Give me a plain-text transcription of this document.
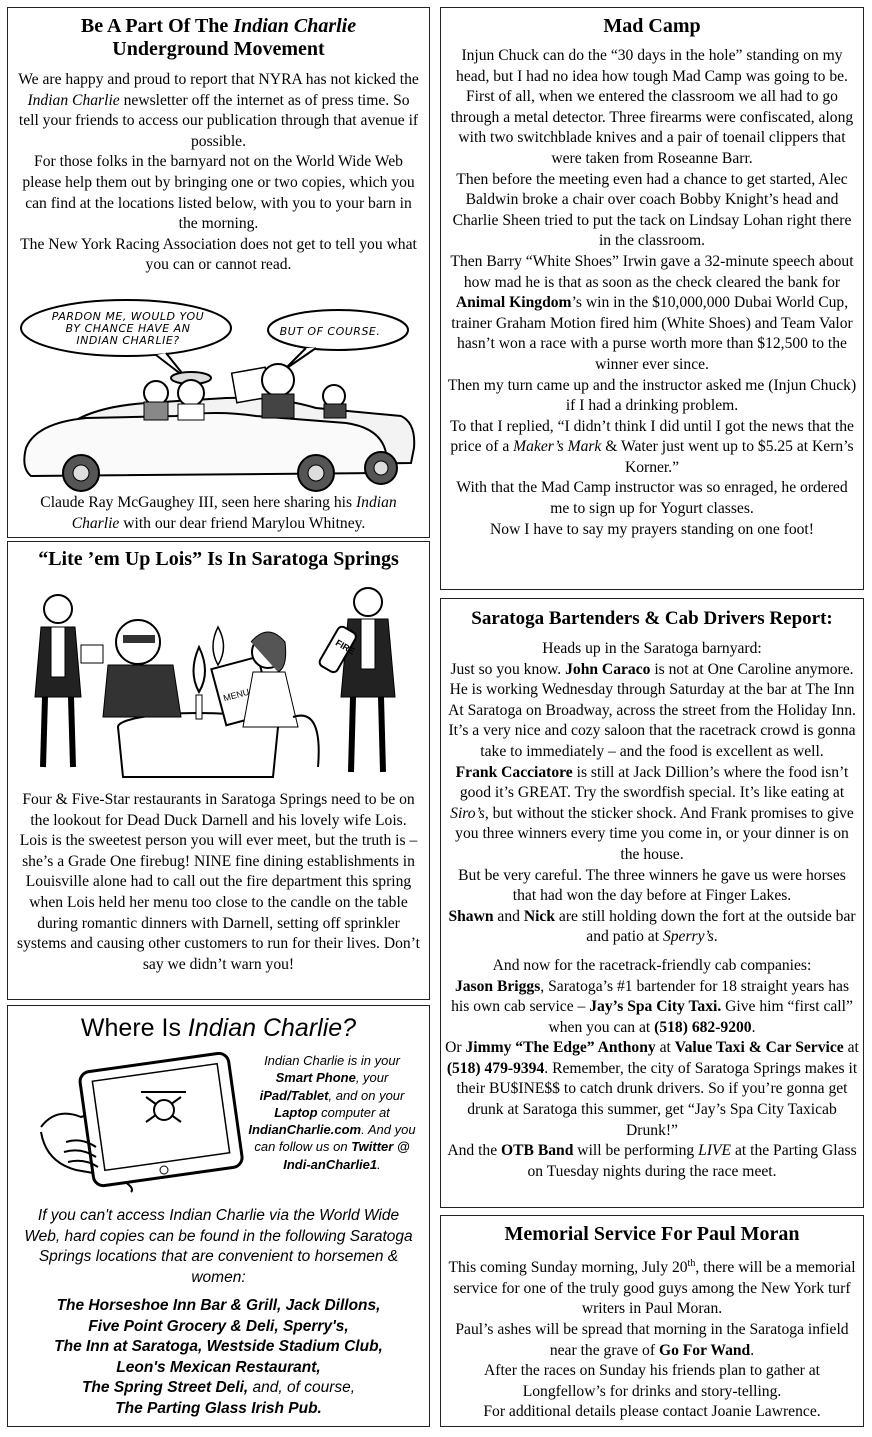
Be A Part Of The Indian Charlie
Underground Movement

We are happy and proud to report that NYRA has not kicked the Indian Charlie newsletter off the internet as of press time. So tell your friends to access our publication through that avenue if possible.

For those folks in the barnyard not on the World Wide Web please help them out by bringing one or two copies, which you can find at the locations listed below, with you to your barn in the morning.

The New York Racing Association does not get to tell you what you can or cannot read.

PARDON ME, WOULD YOU BY CHANCE HAVE AN INDIAN CHARLIE?
BUT OF COURSE.
Claude Ray McGaughey III, seen here sharing his Indian Charlie with our dear friend Marylou Whitney.
“Lite ’em Up Lois” Is In Saratoga Springs
MENU
FIRE
Four & Five-Star restaurants in Saratoga Springs need to be on the lookout for Dead Duck Darnell and his lovely wife Lois. Lois is the sweetest person you will ever meet, but the truth is – she’s a Grade One firebug! NINE fine dining establishments in Louisville alone had to call out the fire department this spring when Lois held her menu too close to the candle on the table during romantic dinners with Darnell, setting off sprinkler systems and causing other customers to run for their lives. Don’t say we didn’t warn you!
Where Is Indian Charlie?
Indian Charlie is in your Smart Phone, your iPad/Tablet, and on your Laptop computer at IndianCharlie.com. And you can follow us on Twitter @ Indi-anCharlie1.
If you can't access Indian Charlie via the World Wide Web, hard copies can be found in the following Saratoga Springs locations that are convenient to horsemen & women:
The Horseshoe Inn Bar & Grill, Jack Dillons,
Five Point Grocery & Deli, Sperry's,
The Inn at Saratoga, Westside Stadium Club,
Leon's Mexican Restaurant,
The Spring Street Deli, and, of course,
The Parting Glass Irish Pub.
Mad Camp

Injun Chuck can do the “30 days in the hole” standing on my head, but I had no idea how tough Mad Camp was going to be. First of all, when we entered the classroom we all had to go through a metal detector. Three firearms were confiscated, along with two switchblade knives and a pair of toenail clippers that were taken from Roseanne Barr.

Then before the meeting even had a chance to get started, Alec Baldwin broke a chair over coach Bobby Knight’s head and Charlie Sheen tried to put the tack on Lindsay Lohan right there in the classroom.

Then Barry “White Shoes” Irwin gave a 32-minute speech about how mad he is that as soon as the check cleared the bank for Animal Kingdom’s win in the $10,000,000 Dubai World Cup, trainer Graham Motion fired him (White Shoes) and Team Valor hasn’t won a race with a purse worth more than $12,500 to the winner ever since.

Then my turn came up and the instructor asked me (Injun Chuck) if I had a drinking problem.

To that I replied, “I didn’t think I did until I got the news that the price of a Maker’s Mark & Water just went up to $5.25 at Kern’s Korner.”

With that the Mad Camp instructor was so enraged, he ordered me to sign up for Yogurt classes.

Now I have to say my prayers standing on one foot!

Saratoga Bartenders & Cab Drivers Report:

Heads up in the Saratoga barnyard:

Just so you know. John Caraco is not at One Caroline anymore. He is working Wednesday through Saturday at the bar at The Inn At Saratoga on Broadway, across the street from the Holiday Inn. It’s a very nice and cozy saloon that the racetrack crowd is gonna take to immediately – and the food is excellent as well.

Frank Cacciatore is still at Jack Dillion’s where the food isn’t good it’s GREAT. Try the swordfish special. It’s like eating at Siro’s, but without the sticker shock. And Frank promises to give you three winners every time you come in, or your dinner is on the house.

But be very careful. The three winners he gave us were horses that had won the day before at Finger Lakes.

Shawn and Nick are still holding down the fort at the outside bar and patio at Sperry’s.

And now for the racetrack-friendly cab companies:

Jason Briggs, Saratoga’s #1 bartender for 18 straight years has his own cab service – Jay’s Spa City Taxi. Give him “first call” when you can at (518) 682-9200.

Or Jimmy “The Edge” Anthony at Value Taxi & Car Service at (518) 479-9394. Remember, the city of Saratoga Springs makes it their BU$INE$$ to catch drunk drivers. So if you’re gonna get drunk at Saratoga this summer, get “Jay’s Spa City Taxicab Drunk!”

And the OTB Band will be performing LIVE at the Parting Glass on Tuesday nights during the race meet.

Memorial Service For Paul Moran

This coming Sunday morning, July 20th, there will be a memorial service for one of the truly good guys among the New York turf writers in Paul Moran.

Paul’s ashes will be spread that morning in the Saratoga infield near the grave of Go For Wand.

After the races on Sunday his friends plan to gather at Longfellow’s for drinks and story-telling.

For additional details please contact Joanie Lawrence.
